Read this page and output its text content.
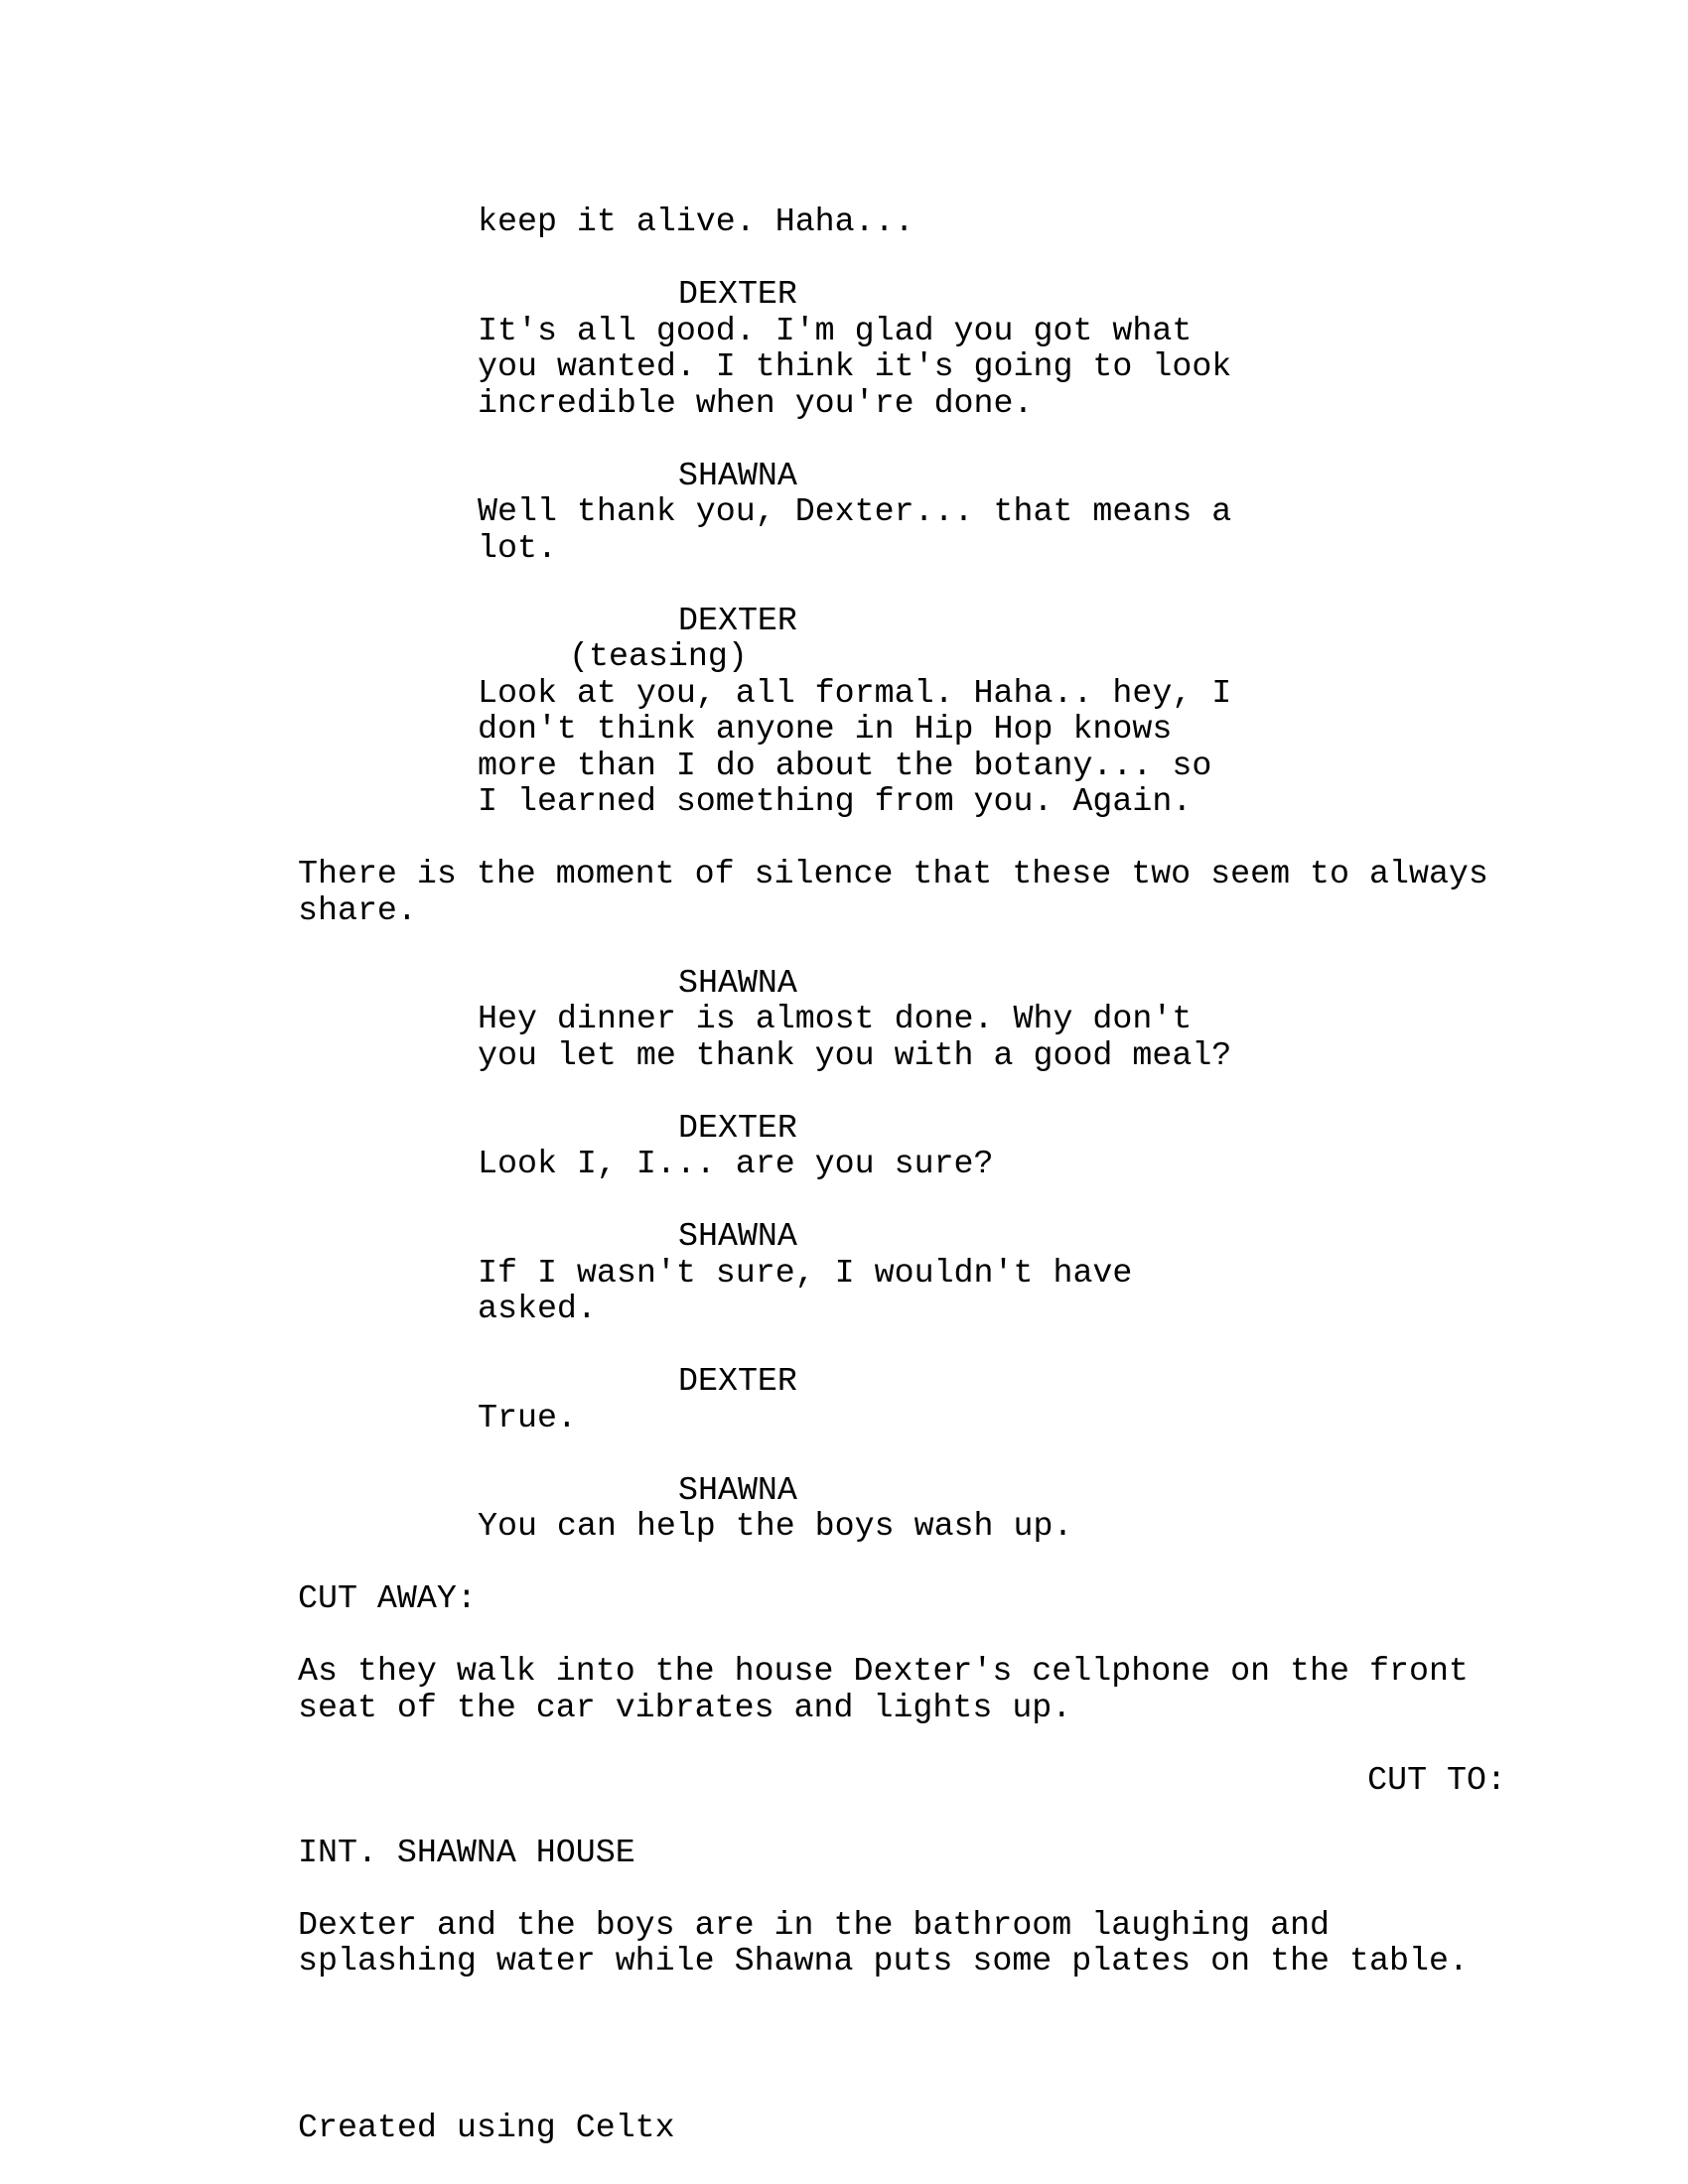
keep it alive. Haha...
DEXTER
It's all good. I'm glad you got what
you wanted. I think it's going to look
incredible when you're done.
SHAWNA
Well thank you, Dexter... that means a
lot.
DEXTER
(teasing)
Look at you, all formal. Haha.. hey, I
don't think anyone in Hip Hop knows
more than I do about the botany... so
I learned something from you. Again.
There is the moment of silence that these two seem to always
share.
SHAWNA
Hey dinner is almost done. Why don't
you let me thank you with a good meal?
DEXTER
Look I, I... are you sure?
SHAWNA
If I wasn't sure, I wouldn't have
asked.
DEXTER
True.
SHAWNA
You can help the boys wash up.
CUT AWAY:
As they walk into the house Dexter's cellphone on the front
seat of the car vibrates and lights up.
CUT TO:
INT. SHAWNA HOUSE
Dexter and the boys are in the bathroom laughing and
splashing water while Shawna puts some plates on the table.
Created using Celtx
